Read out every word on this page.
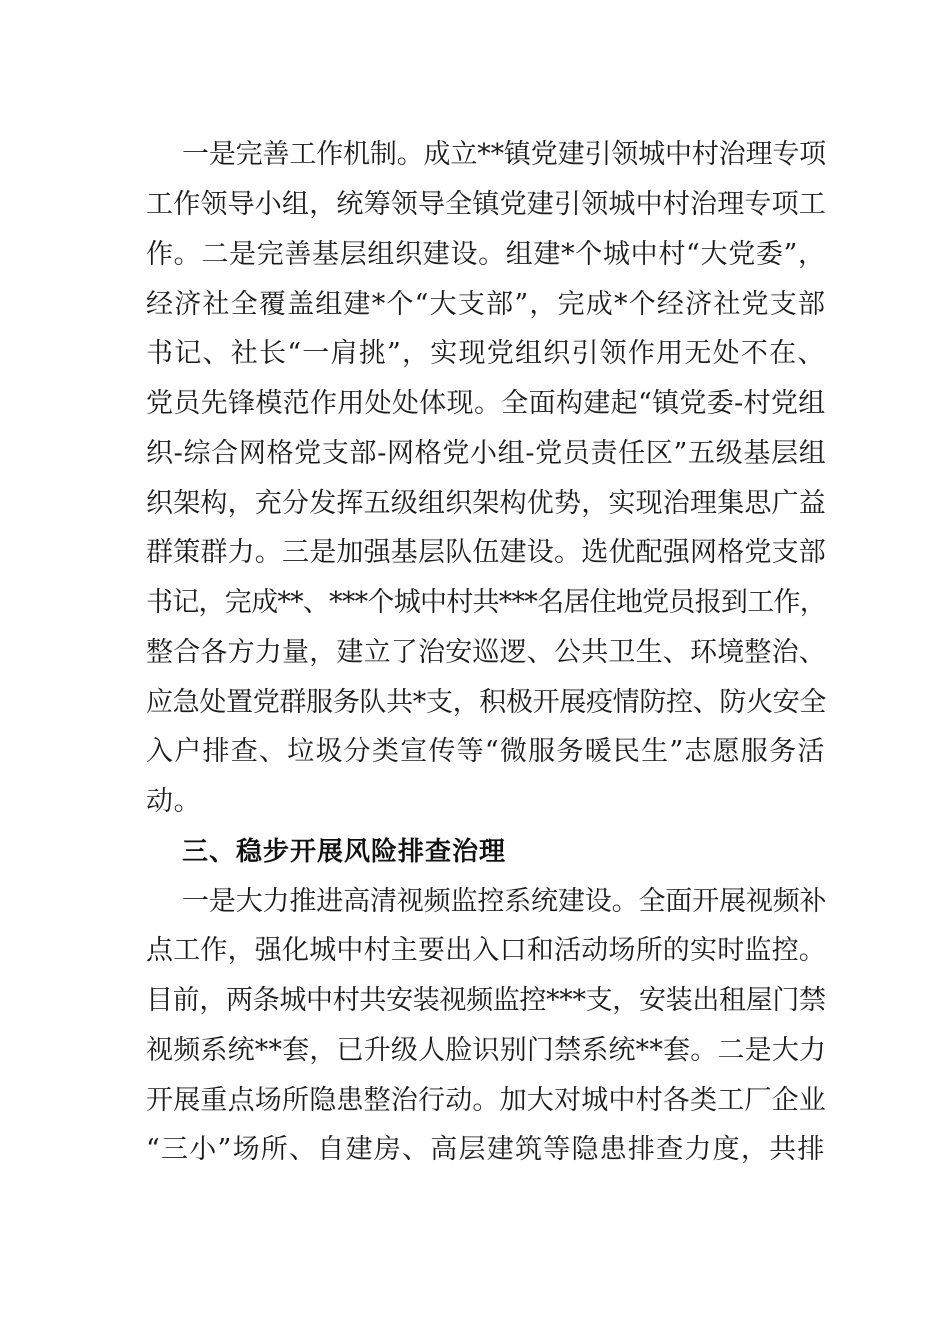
一是完善工作机制。成立**镇党建引领城中村治理专项
工作领导小组，统筹领导全镇党建引领城中村治理专项工
作。二是完善基层组织建设。组建*个城中村“大党委”，
经济社全覆盖组建*个“大支部”，完成*个经济社党支部
书记、社长“一肩挑”，实现党组织引领作用无处不在、
党员先锋模范作用处处体现。全面构建起“镇党委-村党组
织-综合网格党支部-网格党小组-党员责任区”五级基层组
织架构，充分发挥五级组织架构优势，实现治理集思广益
群策群力。三是加强基层队伍建设。选优配强网格党支部
书记，完成**、***个城中村共***名居住地党员报到工作，
整合各方力量，建立了治安巡逻、公共卫生、环境整治、
应急处置党群服务队共*支，积极开展疫情防控、防火安全
入户排查、垃圾分类宣传等“微服务暖民生”志愿服务活
动。
三、稳步开展风险排查治理
一是大力推进高清视频监控系统建设。全面开展视频补
点工作，强化城中村主要出入口和活动场所的实时监控。
目前，两条城中村共安装视频监控***支，安装出租屋门禁
视频系统**套，已升级人脸识别门禁系统**套。二是大力
开展重点场所隐患整治行动。加大对城中村各类工厂企业
“三小”场所、自建房、高层建筑等隐患排查力度，共排
